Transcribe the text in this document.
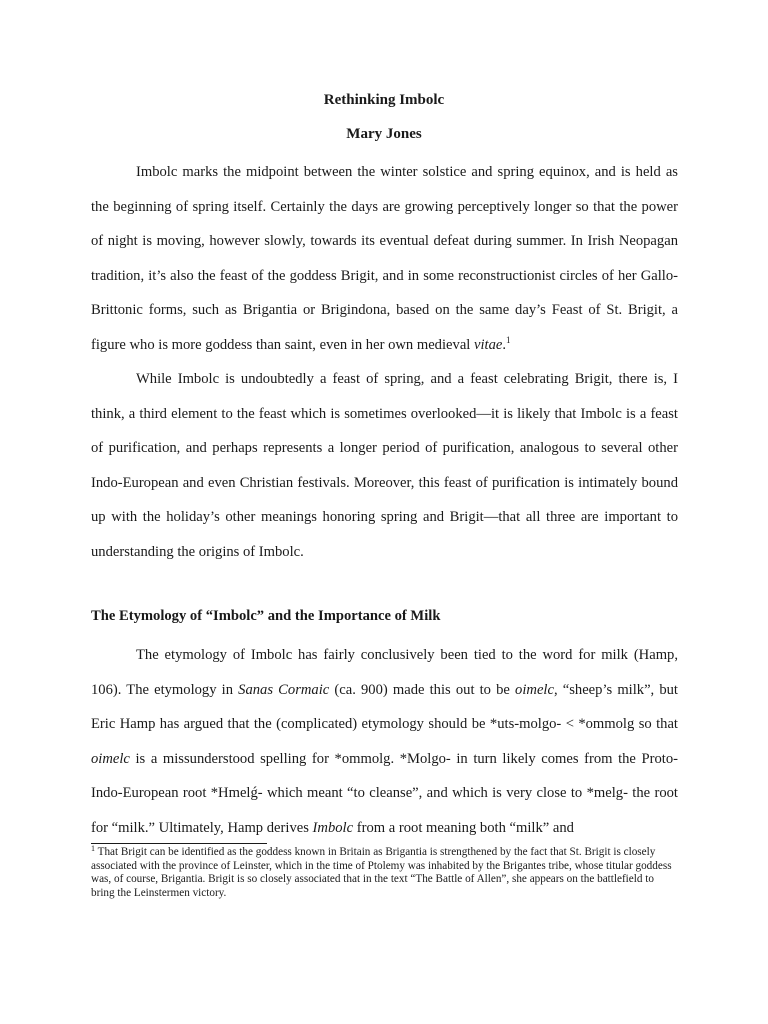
Rethinking Imbolc
Mary Jones

Imbolc marks the midpoint between the winter solstice and spring equinox, and is held as the beginning of spring itself. Certainly the days are growing perceptively longer so that the power of night is moving, however slowly, towards its eventual defeat during summer. In Irish Neopagan tradition, it’s also the feast of the goddess Brigit, and in some reconstructionist circles of her Gallo-Brittonic forms, such as Brigantia or Brigindona, based on the same day’s Feast of St. Brigit, a figure who is more goddess than saint, even in her own medieval vitae.$^1$

While Imbolc is undoubtedly a feast of spring, and a feast celebrating Brigit, there is, I think, a third element to the feast which is sometimes overlooked—it is likely that Imbolc is a feast of purification, and perhaps represents a longer period of purification, analogous to several other Indo-European and even Christian festivals. Moreover, this feast of purification is intimately bound up with the holiday’s other meanings honoring spring and Brigit—that all three are important to understanding the origins of Imbolc.

The Etymology of “Imbolc” and the Importance of Milk

The etymology of Imbolc has fairly conclusively been tied to the word for milk (Hamp, 106). The etymology in Sanas Cormaic (ca. 900) made this out to be oimelc, “sheep’s milk”, but Eric Hamp has argued that the (complicated) etymology should be *uts-molgo- < *ommolg so that oimelc is a missunderstood spelling for *ommolg. *Molgo- in turn likely comes from the Proto-Indo-European root *Hmelǵ- which meant “to cleanse”, and which is very close to *melg- the root for “milk.” Ultimately, Hamp derives Imbolc from a root meaning both “milk” and

$^1$ That Brigit can be identified as the goddess known in Britain as Brigantia is strengthened by the fact that St. Brigit is closely associated with the province of Leinster, which in the time of Ptolemy was inhabited by the Brigantes tribe, whose titular goddess was, of course, Brigantia. Brigit is so closely associated that in the text “The Battle of Allen”, she appears on the battlefield to bring the Leinstermen victory.
